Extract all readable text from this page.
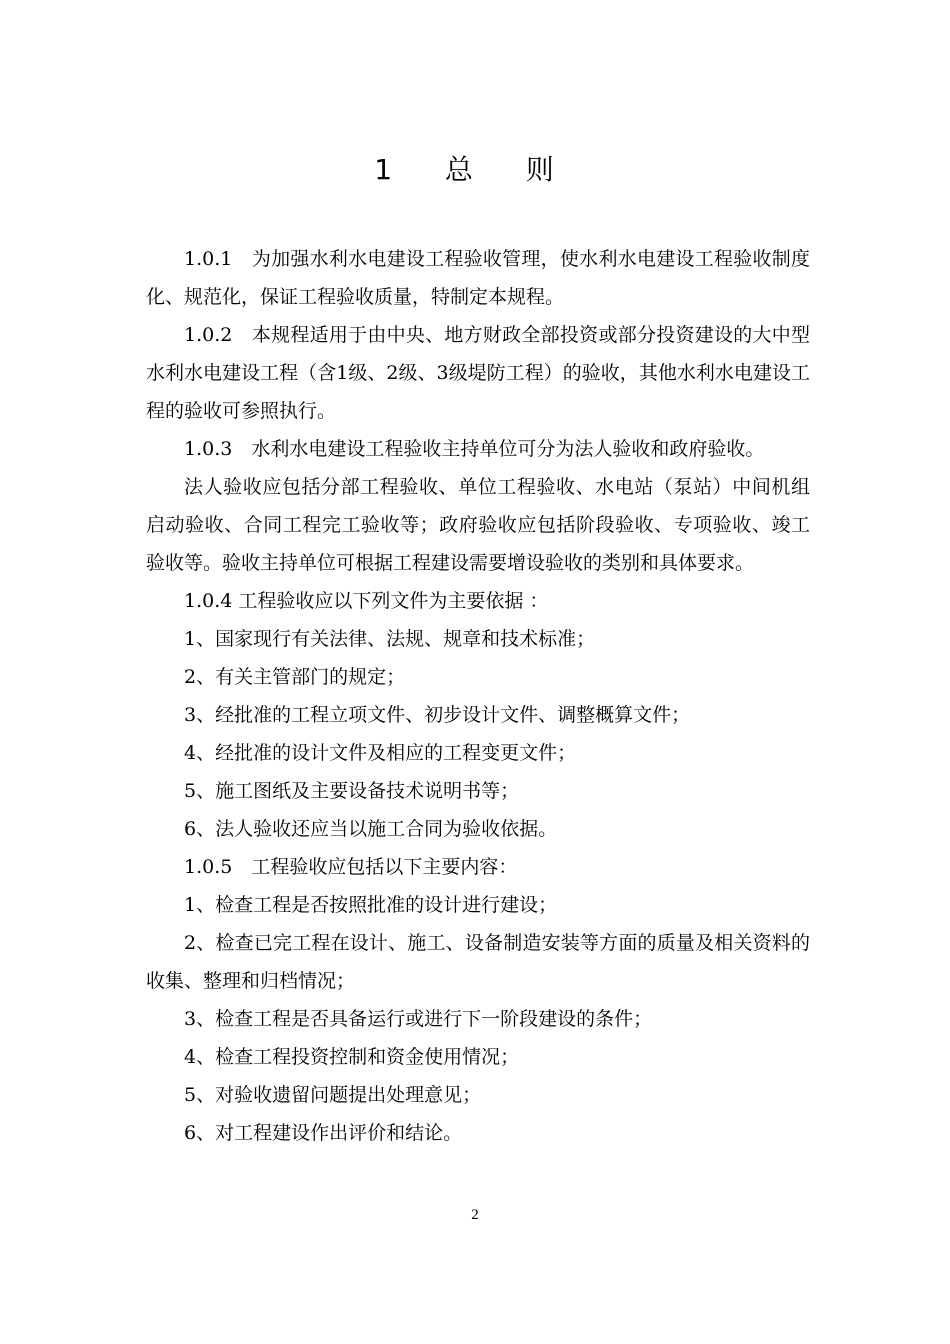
1 总 则

1.0.1　为加强水利水电建设工程验收管理，使水利水电建设工程验收制度化、规范化，保证工程验收质量，特制定本规程。

1.0.2　本规程适用于由中央、地方财政全部投资或部分投资建设的大中型水利水电建设工程（含1级、2级、3级堤防工程）的验收，其他水利水电建设工程的验收可参照执行。

1.0.3　水利水电建设工程验收主持单位可分为法人验收和政府验收。

法人验收应包括分部工程验收、单位工程验收、水电站（泵站）中间机组启动验收、合同工程完工验收等；政府验收应包括阶段验收、专项验收、竣工验收等。验收主持单位可根据工程建设需要增设验收的类别和具体要求。

1.0.4 工程验收应以下列文件为主要依据 ：

1、国家现行有关法律、法规、规章和技术标准；

2、有关主管部门的规定；

3、经批准的工程立项文件、初步设计文件、调整概算文件；

4、经批准的设计文件及相应的工程变更文件；

5、施工图纸及主要设备技术说明书等；

6、法人验收还应当以施工合同为验收依据。

1.0.5　工程验收应包括以下主要内容：

1、检查工程是否按照批准的设计进行建设；

2、检查已完工程在设计、施工、设备制造安装等方面的质量及相关资料的收集、整理和归档情况；

3、检查工程是否具备运行或进行下一阶段建设的条件；

4、检查工程投资控制和资金使用情况；

5、对验收遗留问题提出处理意见；

6、对工程建设作出评价和结论。

2
